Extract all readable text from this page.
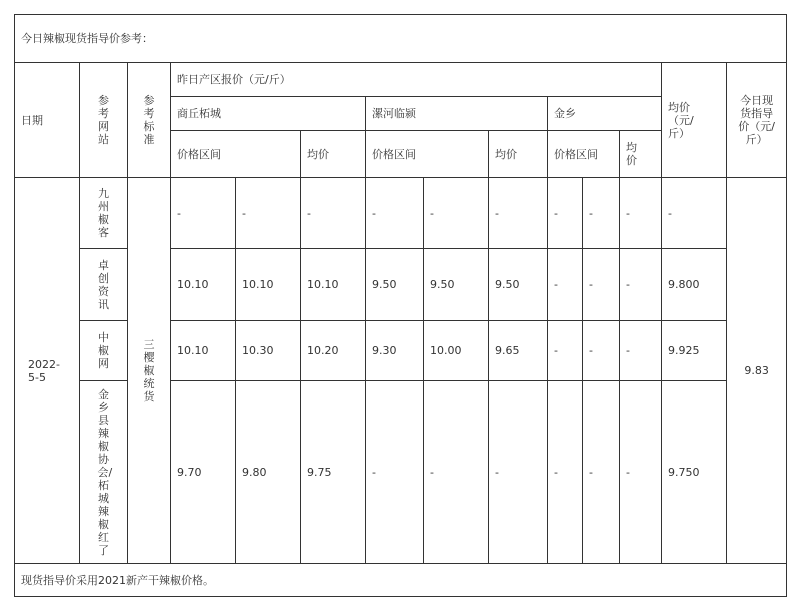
今日辣椒现货指导价参考：													
日期	参考网站	参考标准	昨日产区报价（元/斤）									均价（元/斤）	今日现货指导价（元/斤）
			商丘柘城			漯河临颍			金乡				
			价格区间		均价	价格区间		均价	价格区间		均价		
2022-5-5	九州椒客	三樱椒统货	-	-	-	-	-	-	-	-	-	-	9.83
	卓创资讯		10.10	10.10	10.10	9.50	9.50	9.50	-	-	-	9.800	
	中椒网		10.10	10.30	10.20	9.30	10.00	9.65	-	-	-	9.925	
	金乡县辣椒协会/柘城辣椒红了		9.70	9.80	9.75	-	-	-	-	-	-	9.750	
现货指导价采用2021新产干辣椒价格。													
